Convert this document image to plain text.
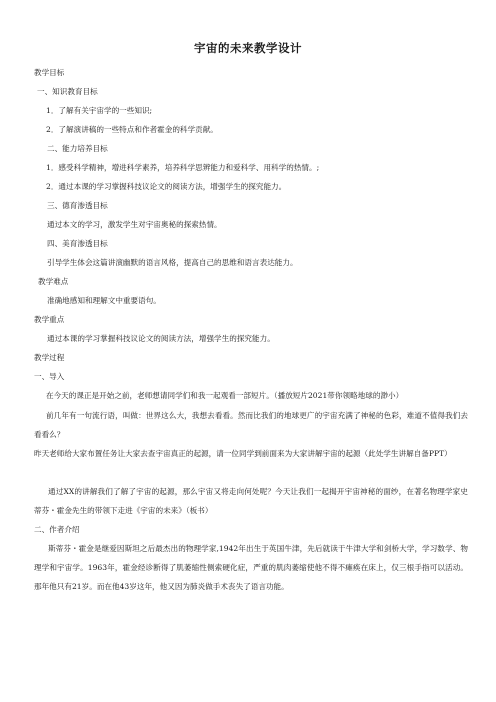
宇宙的未来教学设计
教学目标
一、知识教育目标
1．了解有关宇宙学的一些知识;
2．了解演讲稿的一些特点和作者霍金的科学贡献。
二、能力培养目标
1．感受科学精神，增进科学素养，培养科学思辨能力和爱科学、用科学的热情。;
2．通过本课的学习掌握科技议论文的阅读方法，增强学生的探究能力。
三、德育渗透目标
通过本文的学习，激发学生对宇宙奥秘的探索热情。
四、美育渗透目标
引导学生体会这篇讲演幽默的语言风格，提高自己的思维和语言表达能力。
教学难点
准确地感知和理解文中重要语句。
教学重点
通过本课的学习掌握科技议论文的阅读方法，增强学生的探究能力。
教学过程
一、导入
在今天的课正是开始之前，老师想请同学们和我一起观看一部短片。（播放短片2021带你领略地球的渺小）
前几年有一句流行语，叫做：世界这么大，我想去看看。然而比我们的地球更广的宇宙充满了神秘的色彩，难道不值得我们去看看么？
昨天老师给大家布置任务让大家去查宇宙真正的起源，请一位同学到前面来为大家讲解宇宙的起源（此处学生讲解自备PPT）
通过XX的讲解我们了解了宇宙的起源，那么宇宙又将走向何处呢？今天让我们一起揭开宇宙神秘的面纱，在著名物理学家史蒂芬・霍金先生的带领下走进《宇宙的未来》（板书）
二、作者介绍
斯蒂芬・霍金是继爱因斯坦之后最杰出的物理学家,1942年出生于英国牛津，先后就读于牛津大学和剑桥大学，学习数学、物理学和宇宙学。1963年，霍金经诊断得了肌萎缩性侧索硬化症，严重的肌肉萎缩使他不得不瘫痪在床上，仅三根手指可以活动。那年他只有21岁。而在他43岁这年，他又因为肺炎做手术丧失了语言功能。
